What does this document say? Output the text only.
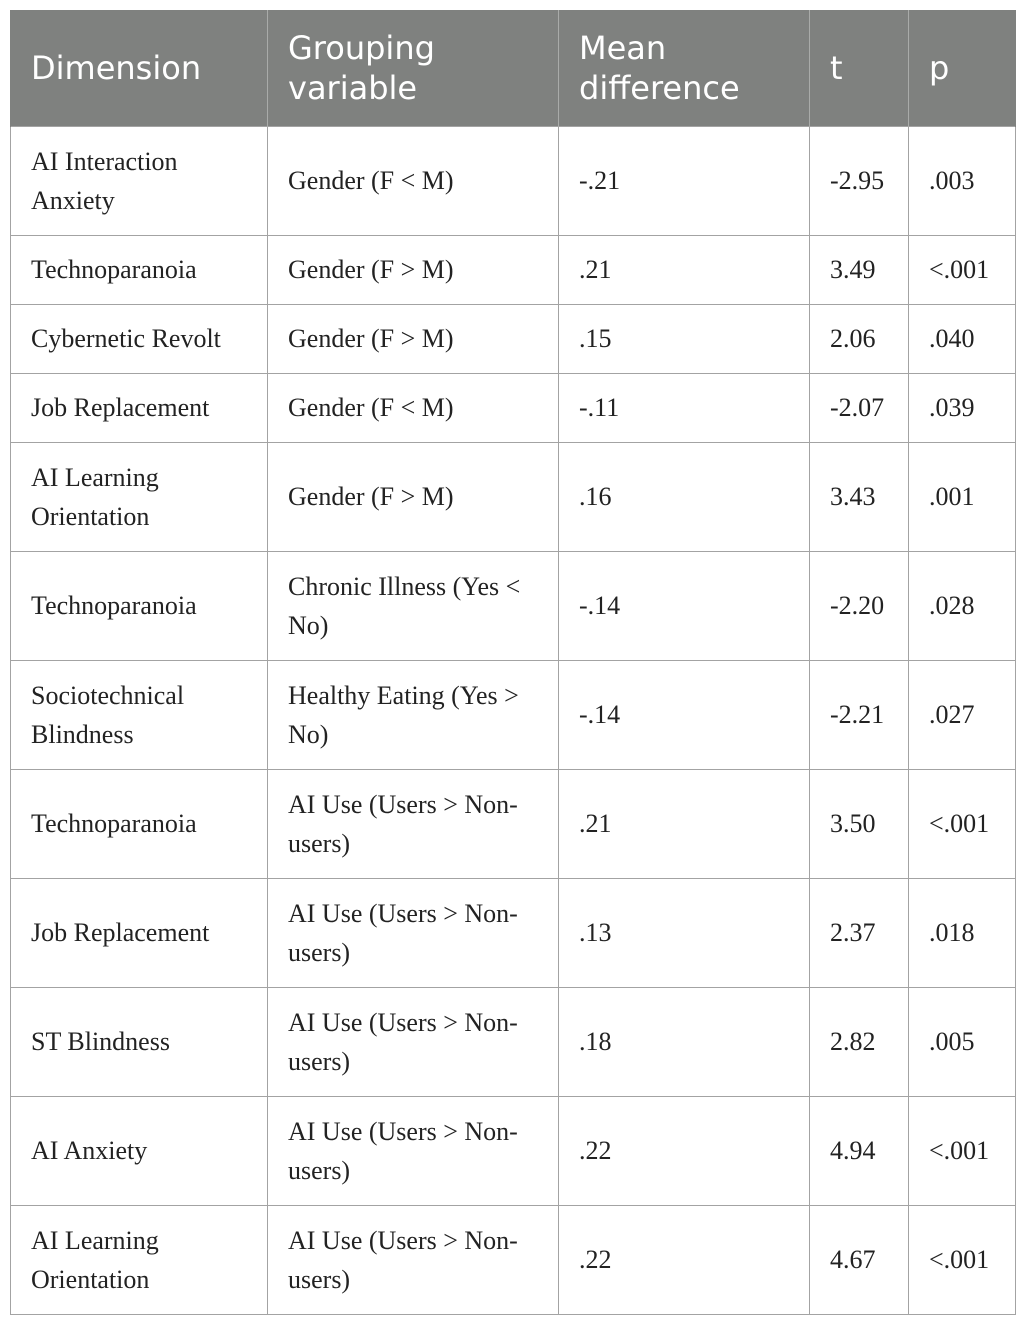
Dimension	Grouping variable	Mean difference	t	p
AI Interaction Anxiety	Gender (F < M)	-.21	-2.95	.003
Technoparanoia	Gender (F > M)	.21	3.49	<.001
Cybernetic Revolt	Gender (F > M)	.15	2.06	.040
Job Replacement	Gender (F < M)	-.11	-2.07	.039
AI Learning Orientation	Gender (F > M)	.16	3.43	.001
Technoparanoia	Chronic Illness (Yes < No)	-.14	-2.20	.028
Sociotechnical Blindness	Healthy Eating (Yes > No)	-.14	-2.21	.027
Technoparanoia	AI Use (Users > Non-users)	.21	3.50	<.001
Job Replacement	AI Use (Users > Non-users)	.13	2.37	.018
ST Blindness	AI Use (Users > Non-users)	.18	2.82	.005
AI Anxiety	AI Use (Users > Non-users)	.22	4.94	<.001
AI Learning Orientation	AI Use (Users > Non-users)	.22	4.67	<.001
